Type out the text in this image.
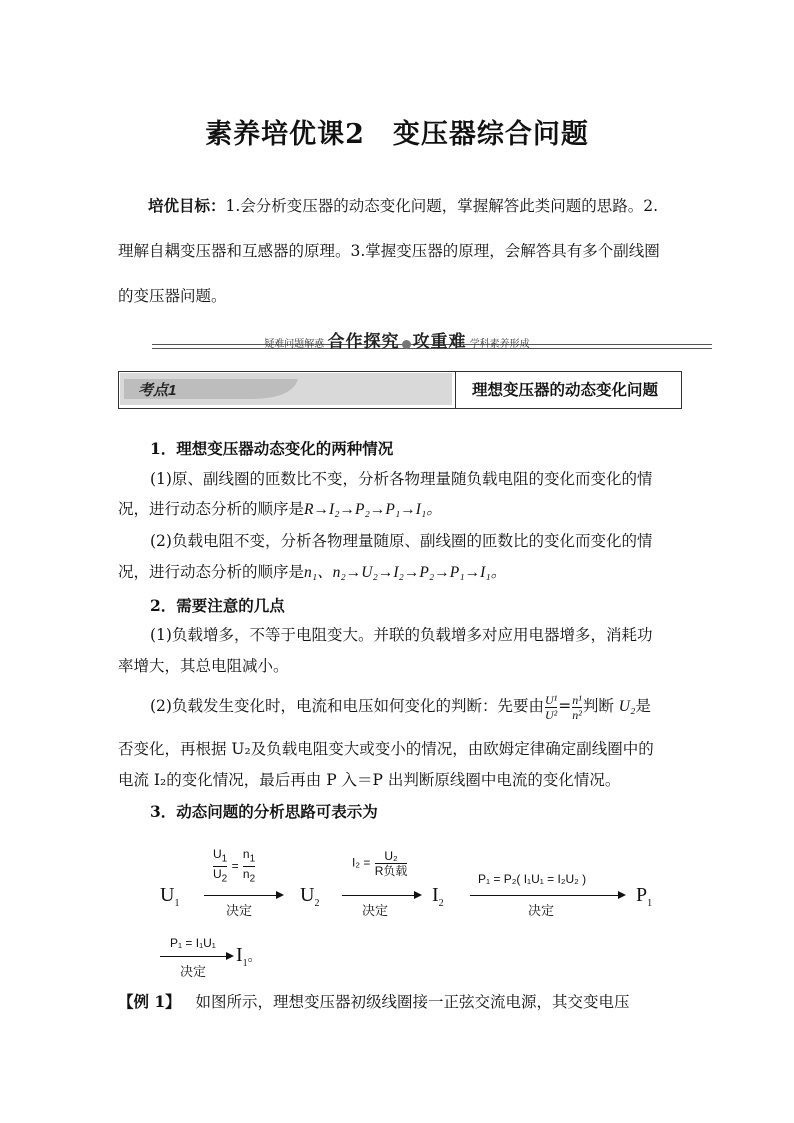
素养培优课2　变压器综合问题
培优目标：1.会分析变压器的动态变化问题，掌握解答此类问题的思路。2.
理解自耦变压器和互感器的原理。3.掌握变压器的原理，会解答具有多个副线圈
的变压器问题。
疑难问题解惑 合作探究 攻重难 学科素养形成
考点1	理想变压器的动态变化问题
1．理想变压器动态变化的两种情况
(1)原、副线圈的匝数比不变，分析各物理量随负载电阻的变化而变化的情
况，进行动态分析的顺序是R→I₂→P₂→P₁→I₁。
(2)负载电阻不变，分析各物理量随原、副线圈的匝数比的变化而变化的情
况，进行动态分析的顺序是n₁、n₂→U₂→I₂→P₂→P₁→I₁。
2．需要注意的几点
(1)负载增多，不等于电阻变大。并联的负载增多对应用电器增多，消耗功
率增大，其总电阻减小。
(2)负载发生变化时，电流和电压如何变化的判断：先要由 $\frac{\text{U¹}}{\text{U²}} = \frac{\text{n¹}}{\text{n²}}$ 判断 U₂是
否变化，再根据 U₂及负载电阻变大或变小的情况，由欧姆定律确定副线圈中的
电流 I₂的变化情况，最后再由 P 入＝P 出判断原线圈中电流的变化情况。
3．动态问题的分析思路可表示为
$U_1$
$\frac{U_1}{U_2} = \frac{n_1}{n_2}$
决定
$U_2$
$I_2 = \frac{\text{U₂}}{\text{R负载}}$
决定
$I_2$
P₁ = P₂( I₁U₁ = I₂U₂ )
决定
$P_1$
P₁ = I₁U₁
决定
$I_1$。
【例 1】 如图所示，理想变压器初级线圈接一正弦交流电源，其交变电压
